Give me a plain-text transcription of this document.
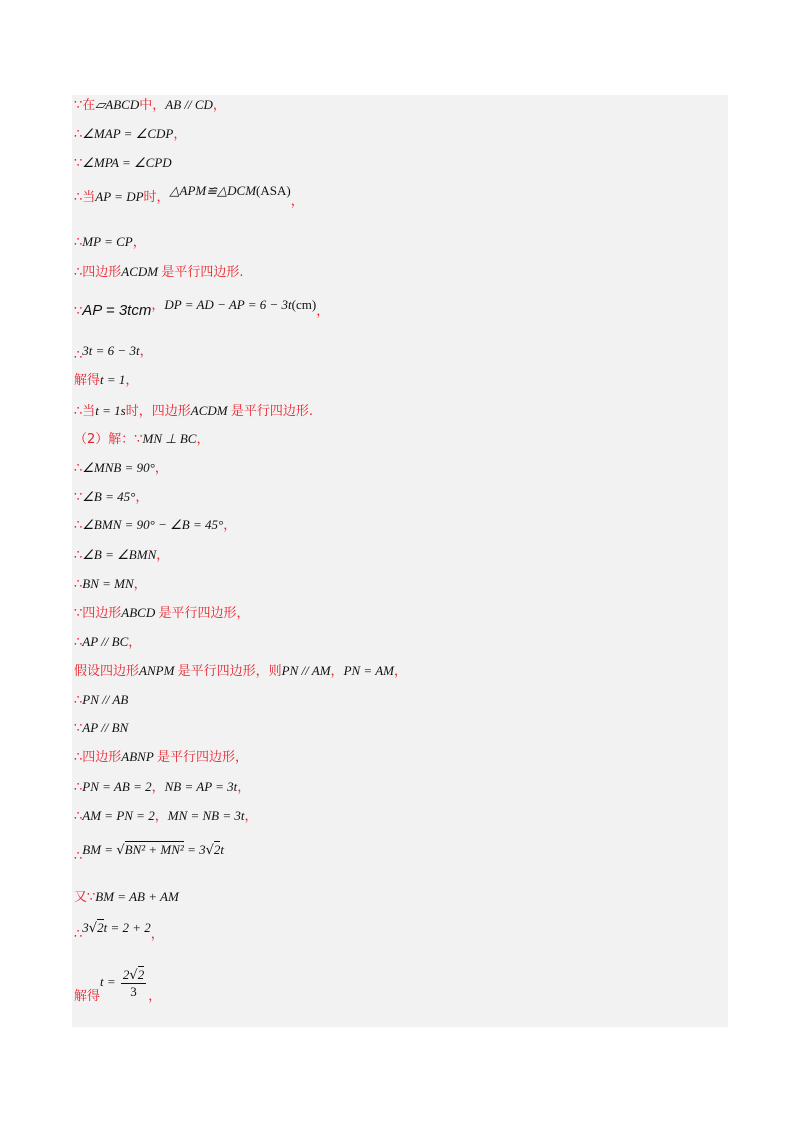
∵在▱ABCD中，AB // CD，
∴∠MAP = ∠CDP，
∵∠MPA = ∠CPD
∴当AP = DP时，△APM≌△DCM(ASA)，
∴MP = CP，
∴四边形ACDM 是平行四边形.
∵AP = 3tcm，DP = AD − AP = 6 − 3t(cm)，
∴3t = 6 − 3t，
解得t = 1，
∴当t = 1s时，四边形ACDM 是平行四边形.
（2）解：∵MN ⊥ BC，
∴∠MNB = 90°，
∵∠B = 45°，
∴∠BMN = 90° − ∠B = 45°，
∴∠B = ∠BMN，
∴BN = MN，
∵四边形ABCD 是平行四边形，
∴AP // BC，
假设四边形ANPM 是平行四边形，则PN // AM，PN = AM，
∴PN // AB
∵AP // BN
∴四边形ABNP 是平行四边形，
∴PN = AB = 2，NB = AP = 3t，
∴AM = PN = 2，MN = NB = 3t，
∴BM = √BN² + MN² = 3√2t
又∵BM = AB + AM
∴3√2t = 2 + 2，
解得$t = \frac{2√2}{3}$ ，
